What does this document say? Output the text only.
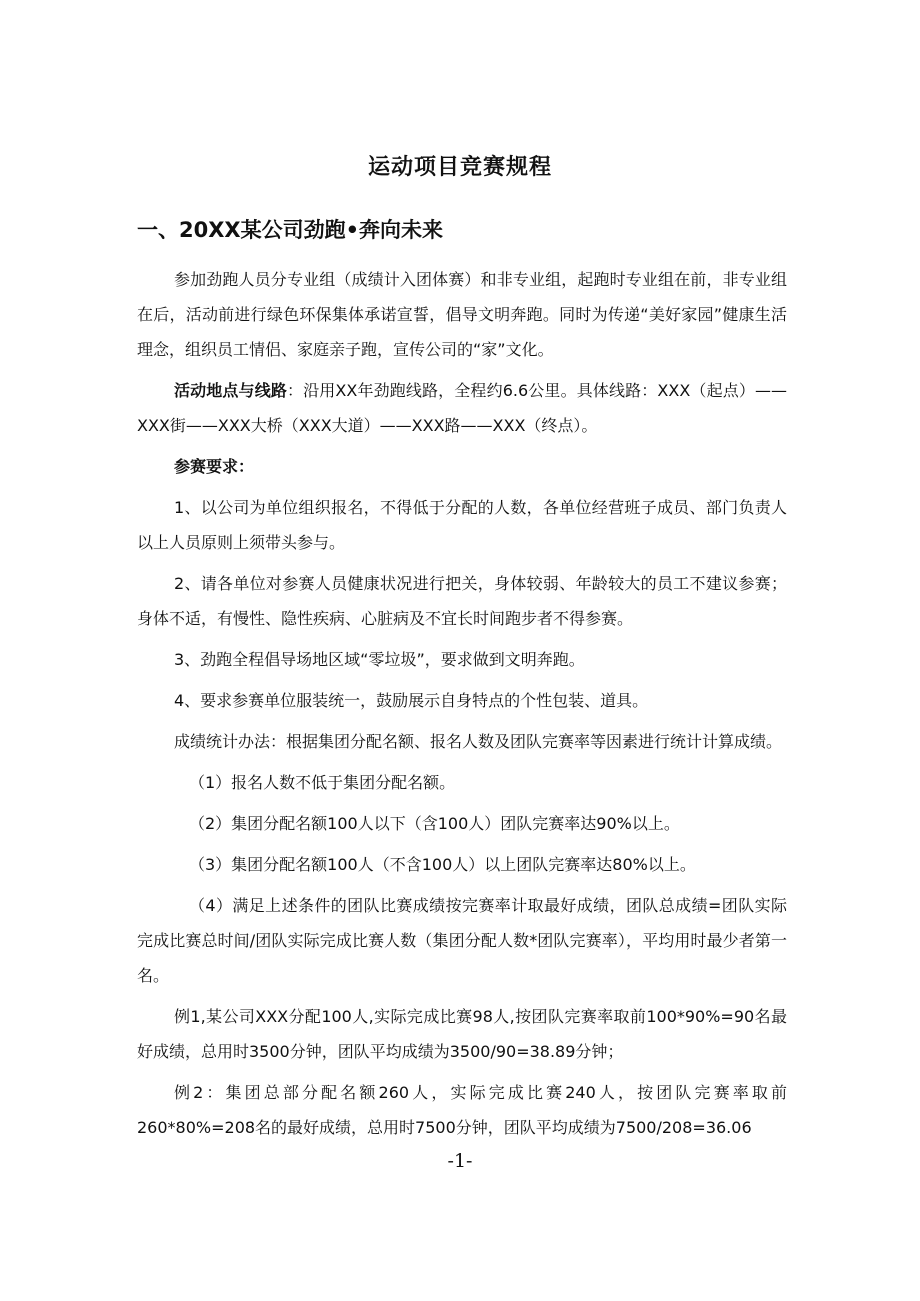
运动项目竞赛规程
一、20XX某公司劲跑•奔向未来

参加劲跑人员分专业组（成绩计入团体赛）和非专业组，起跑时专业组在前，非专业组在后，活动前进行绿色环保集体承诺宣誓，倡导文明奔跑。同时为传递“美好家园”健康生活理念，组织员工情侣、家庭亲子跑，宣传公司的“家”文化。

活动地点与线路：沿用XX年劲跑线路，全程约6.6公里。具体线路：XXX（起点）——XXX街——XXX大桥（XXX大道）——XXX路——XXX（终点）。

参赛要求：

1、以公司为单位组织报名，不得低于分配的人数，各单位经营班子成员、部门负责人以上人员原则上须带头参与。

2、请各单位对参赛人员健康状况进行把关，身体较弱、年龄较大的员工不建议参赛；身体不适，有慢性、隐性疾病、心脏病及不宜长时间跑步者不得参赛。

3、劲跑全程倡导场地区域“零垃圾”，要求做到文明奔跑。

4、要求参赛单位服装统一，鼓励展示自身特点的个性包装、道具。

成绩统计办法：根据集团分配名额、报名人数及团队完赛率等因素进行统计计算成绩。

（1）报名人数不低于集团分配名额。

（2）集团分配名额100人以下（含100人）团队完赛率达90%以上。

（3）集团分配名额100人（不含100人）以上团队完赛率达80%以上。

（4）满足上述条件的团队比赛成绩按完赛率计取最好成绩，团队总成绩=团队实际完成比赛总时间/团队实际完成比赛人数（集团分配人数*团队完赛率），平均用时最少者第一名。

例1,某公司XXX分配100人,实际完成比赛98人,按团队完赛率取前100*90%=90名最好成绩，总用时3500分钟，团队平均成绩为3500/90=38.89分钟；

例2：集团总部分配名额260人，实际完成比赛240人，按团队完赛率取前260*80%=208名的最好成绩，总用时7500分钟，团队平均成绩为7500/208=36.06

-1-
